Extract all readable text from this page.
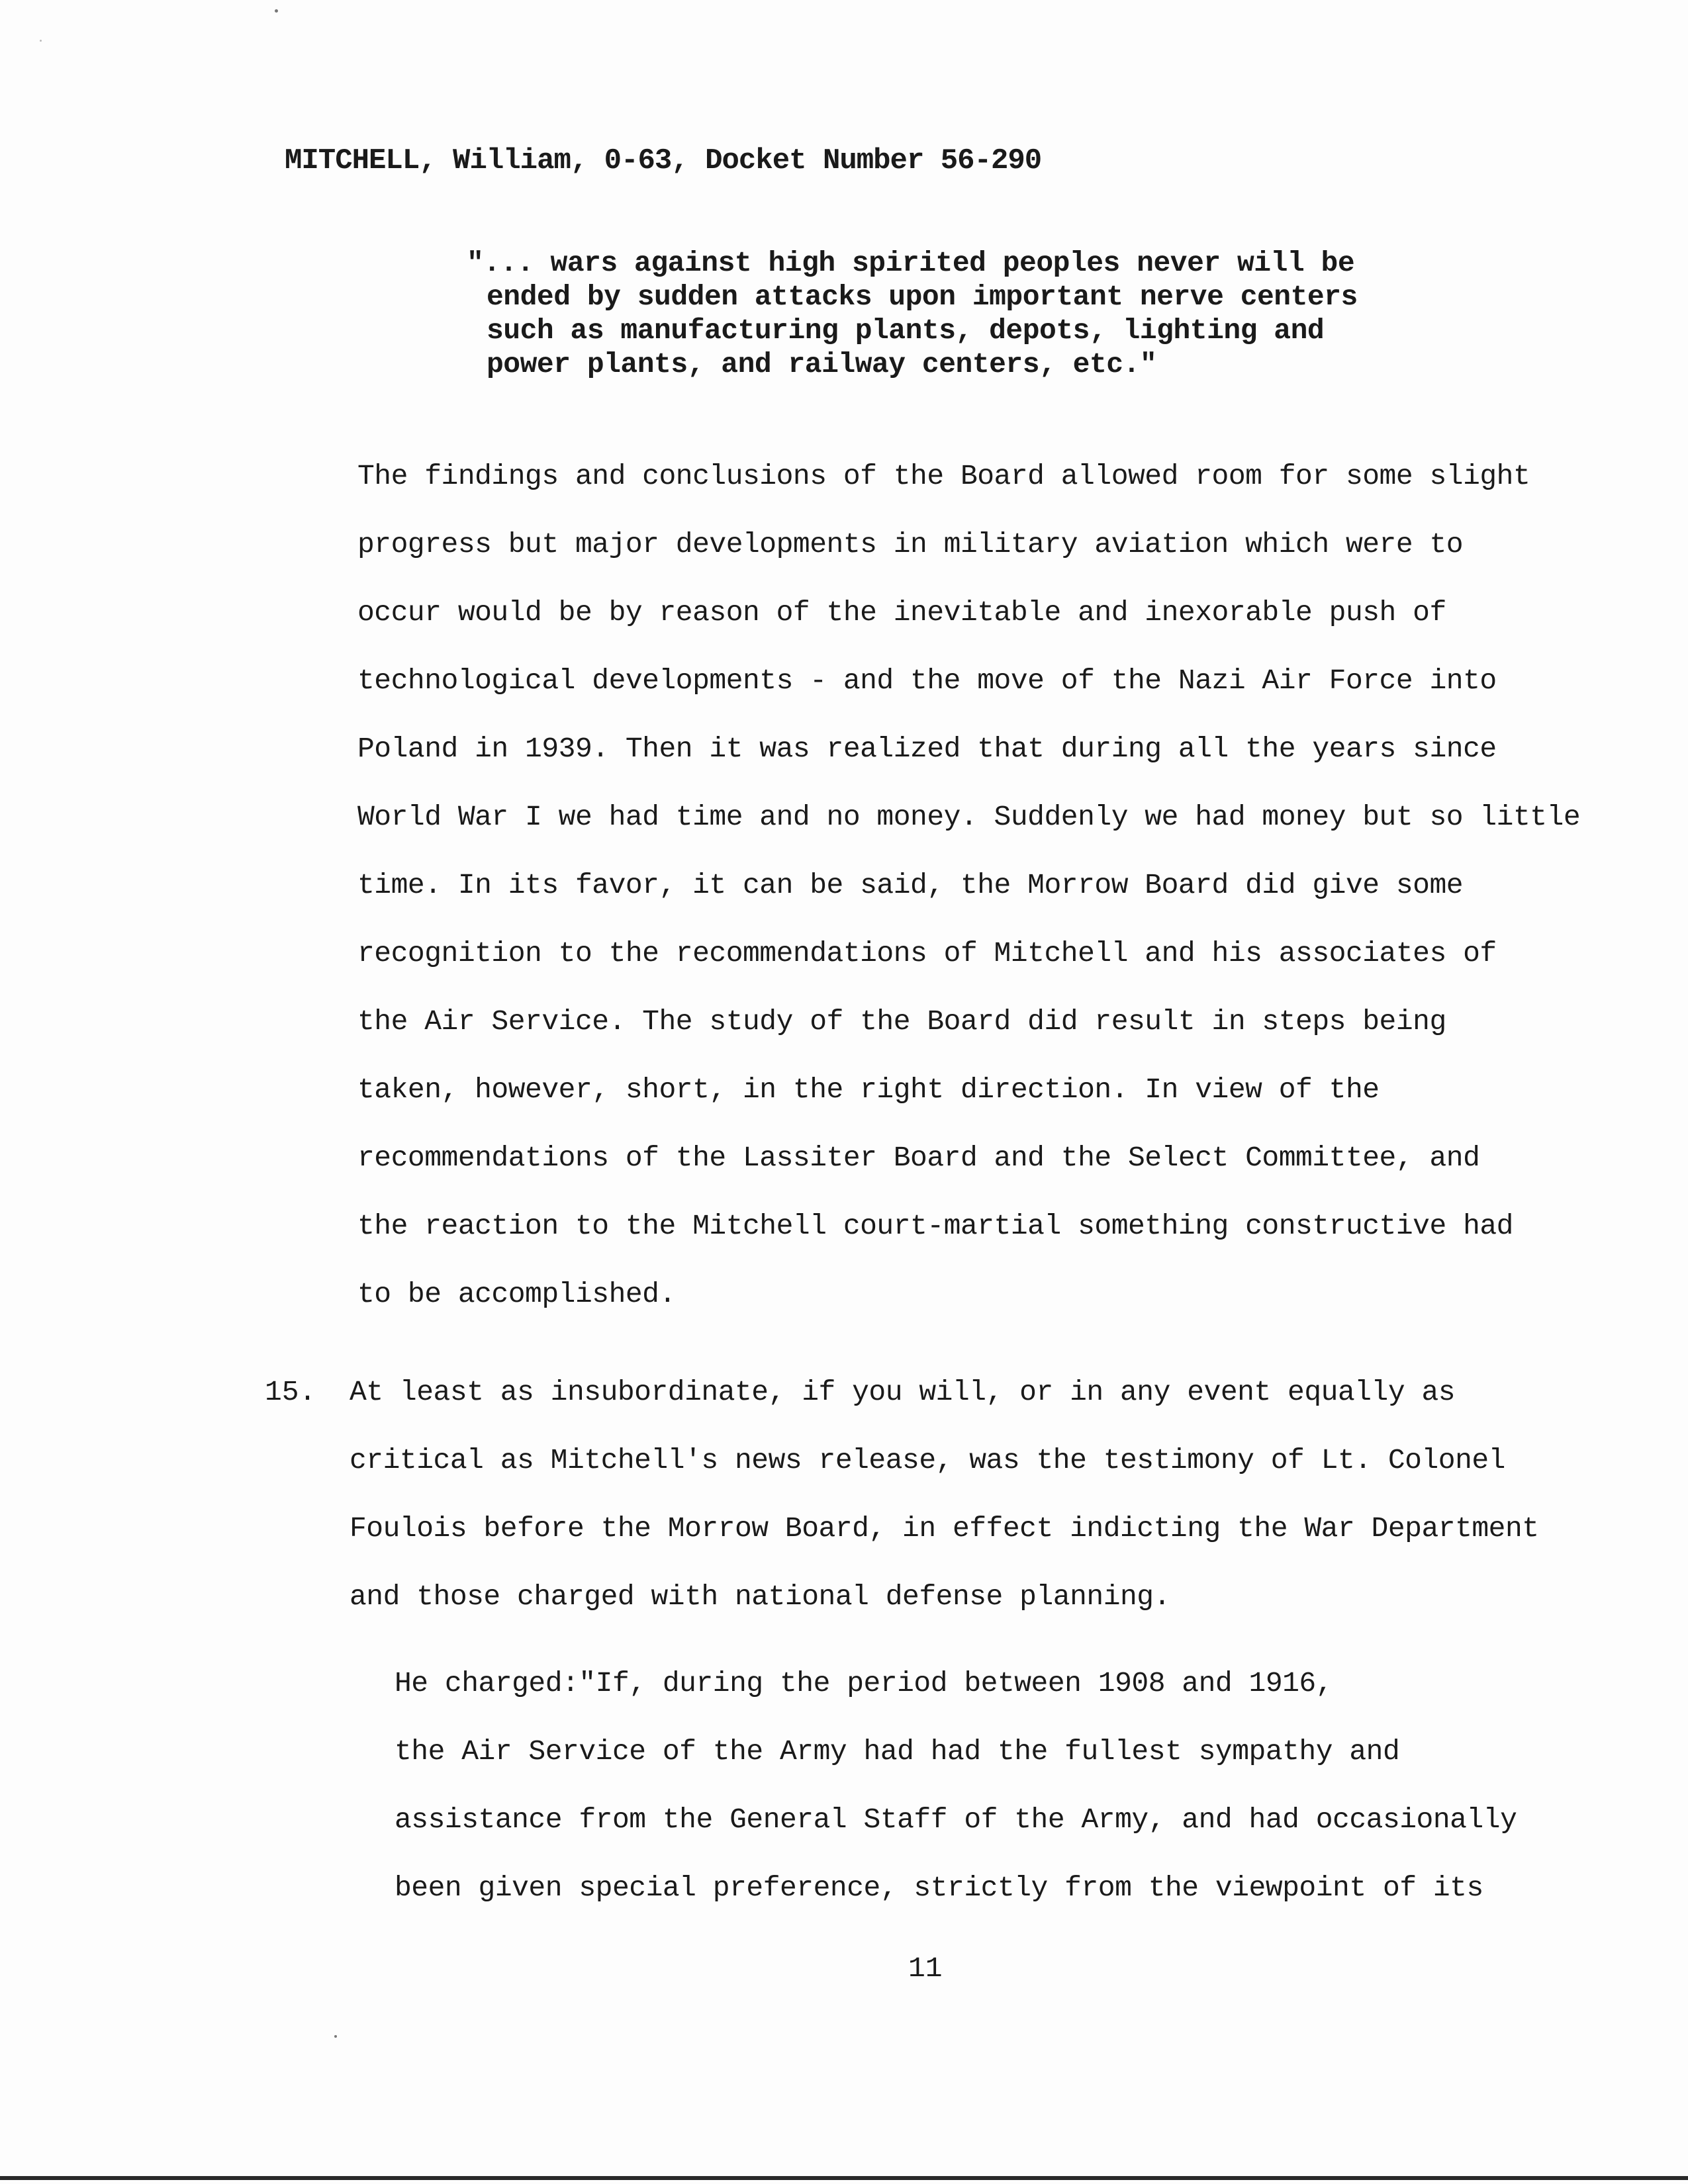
MITCHELL, William, 0-63, Docket Number 56-290
"... wars against high spirited peoples never will be
ended by sudden attacks upon important nerve centers
such as manufacturing plants, depots, lighting and
power plants, and railway centers, etc."
The findings and conclusions of the Board allowed room for some slight
progress but major developments in military aviation which were to
occur would be by reason of the inevitable and inexorable push of
technological developments - and the move of the Nazi Air Force into
Poland in 1939. Then it was realized that during all the years since
World War I we had time and no money. Suddenly we had money but so little
time. In its favor, it can be said, the Morrow Board did give some
recognition to the recommendations of Mitchell and his associates of
the Air Service. The study of the Board did result in steps being
taken, however, short, in the right direction. In view of the
recommendations of the Lassiter Board and the Select Committee, and
the reaction to the Mitchell court-martial something constructive had
to be accomplished.
15. At least as insubordinate, if you will, or in any event equally as
critical as Mitchell's news release, was the testimony of Lt. Colonel
Foulois before the Morrow Board, in effect indicting the War Department
and those charged with national defense planning.
He charged:"If, during the period between 1908 and 1916,
the Air Service of the Army had had the fullest sympathy and
assistance from the General Staff of the Army, and had occasionally
been given special preference, strictly from the viewpoint of its
11
